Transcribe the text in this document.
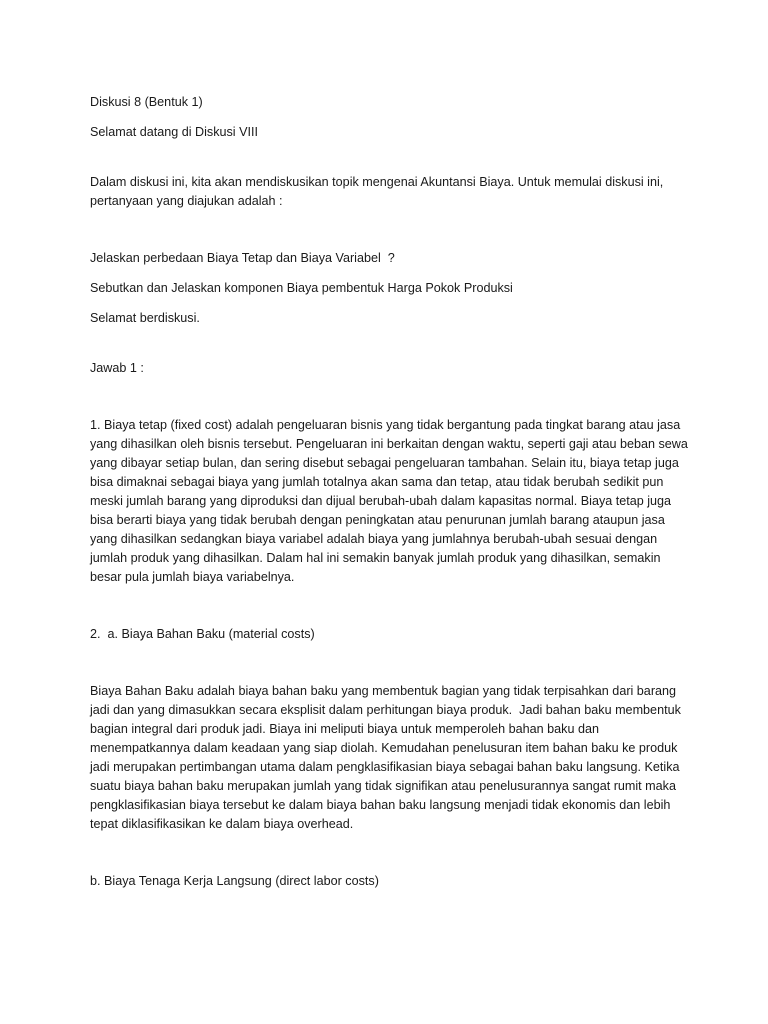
Diskusi 8 (Bentuk 1)

Selamat datang di Diskusi VIII

Dalam diskusi ini, kita akan mendiskusikan topik mengenai Akuntansi Biaya. Untuk memulai diskusi ini, pertanyaan yang diajukan adalah :

Jelaskan perbedaan Biaya Tetap dan Biaya Variabel  ?

Sebutkan dan Jelaskan komponen Biaya pembentuk Harga Pokok Produksi

Selamat berdiskusi.

Jawab 1 :

1. Biaya tetap (fixed cost) adalah pengeluaran bisnis yang tidak bergantung pada tingkat barang atau jasa yang dihasilkan oleh bisnis tersebut. Pengeluaran ini berkaitan dengan waktu, seperti gaji atau beban sewa yang dibayar setiap bulan, dan sering disebut sebagai pengeluaran tambahan. Selain itu, biaya tetap juga bisa dimaknai sebagai biaya yang jumlah totalnya akan sama dan tetap, atau tidak berubah sedikit pun meski jumlah barang yang diproduksi dan dijual berubah-ubah dalam kapasitas normal. Biaya tetap juga bisa berarti biaya yang tidak berubah dengan peningkatan atau penurunan jumlah barang ataupun jasa yang dihasilkan sedangkan biaya variabel adalah biaya yang jumlahnya berubah-ubah sesuai dengan jumlah produk yang dihasilkan. Dalam hal ini semakin banyak jumlah produk yang dihasilkan, semakin besar pula jumlah biaya variabelnya.

2.  a. Biaya Bahan Baku (material costs)

Biaya Bahan Baku adalah biaya bahan baku yang membentuk bagian yang tidak terpisahkan dari barang jadi dan yang dimasukkan secara eksplisit dalam perhitungan biaya produk.  Jadi bahan baku membentuk bagian integral dari produk jadi. Biaya ini meliputi biaya untuk memperoleh bahan baku dan menempatkannya dalam keadaan yang siap diolah. Kemudahan penelusuran item bahan baku ke produk jadi merupakan pertimbangan utama dalam pengklasifikasian biaya sebagai bahan baku langsung. Ketika suatu biaya bahan baku merupakan jumlah yang tidak signifikan atau penelusurannya sangat rumit maka pengklasifikasian biaya tersebut ke dalam biaya bahan baku langsung menjadi tidak ekonomis dan lebih tepat diklasifikasikan ke dalam biaya overhead.

b. Biaya Tenaga Kerja Langsung (direct labor costs)
